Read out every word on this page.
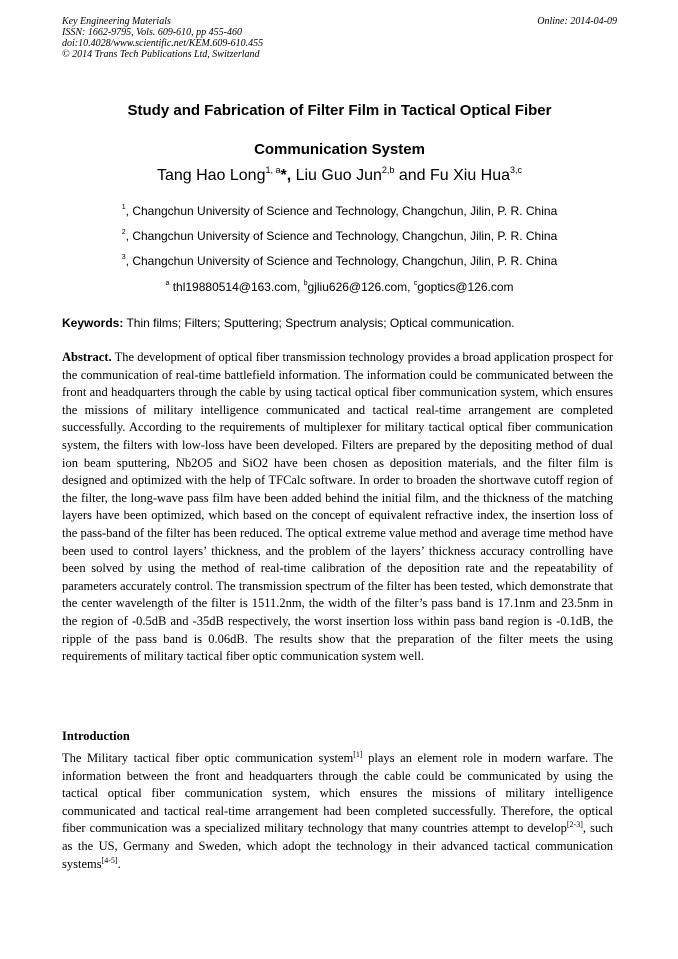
Key Engineering Materials
ISSN: 1662-9795, Vols. 609-610, pp 455-460
doi:10.4028/www.scientific.net/KEM.609-610.455
© 2014 Trans Tech Publications Ltd, Switzerland
Online: 2014-04-09
Study and Fabrication of Filter Film in Tactical Optical Fiber
Communication System
Tang Hao Long$^{1, a}$*, Liu Guo Jun$^{2,b}$ and Fu Xiu Hua$^{3,c}$
$^1$, Changchun University of Science and Technology, Changchun, Jilin, P. R. China
$^2$, Changchun University of Science and Technology, Changchun, Jilin, P. R. China
$^3$, Changchun University of Science and Technology, Changchun, Jilin, P. R. China
$^a$ thl19880514@163.com, $^b$gjliu626@126.com, $^c$goptics@126.com
Keywords: Thin films; Filters; Sputtering; Spectrum analysis; Optical communication.
Abstract. The development of optical fiber transmission technology provides a broad application prospect for the communication of real-time battlefield information. The information could be communicated between the front and headquarters through the cable by using tactical optical fiber communication system, which ensures the missions of military intelligence communicated and tactical real-time arrangement are completed successfully. According to the requirements of multiplexer for military tactical optical fiber communication system, the filters with low-loss have been developed. Filters are prepared by the depositing method of dual ion beam sputtering, Nb2O5 and SiO2 have been chosen as deposition materials, and the filter film is designed and optimized with the help of TFCalc software. In order to broaden the shortwave cutoff region of the filter, the long-wave pass film have been added behind the initial film, and the thickness of the matching layers have been optimized, which based on the concept of equivalent refractive index, the insertion loss of the pass-band of the filter has been reduced. The optical extreme value method and average time method have been used to control layers’ thickness, and the problem of the layers’ thickness accuracy controlling have been solved by using the method of real-time calibration of the deposition rate and the repeatability of parameters accurately control. The transmission spectrum of the filter has been tested, which demonstrate that the center wavelength of the filter is 1511.2nm, the width of the filter’s pass band is 17.1nm and 23.5nm in the region of -0.5dB and -35dB respectively, the worst insertion loss within pass band region is -0.1dB, the ripple of the pass band is 0.06dB. The results show that the preparation of the filter meets the using requirements of military tactical fiber optic communication system well.
Introduction
The Military tactical fiber optic communication system[1] plays an element role in modern warfare. The information between the front and headquarters through the cable could be communicated by using the tactical optical fiber communication system, which ensures the missions of military intelligence communicated and tactical real-time arrangement had been completed successfully. Therefore, the optical fiber communication was a specialized military technology that many countries attempt to develop[2-3], such as the US, Germany and Sweden, which adopt the technology in their advanced tactical communication systems[4-5].
